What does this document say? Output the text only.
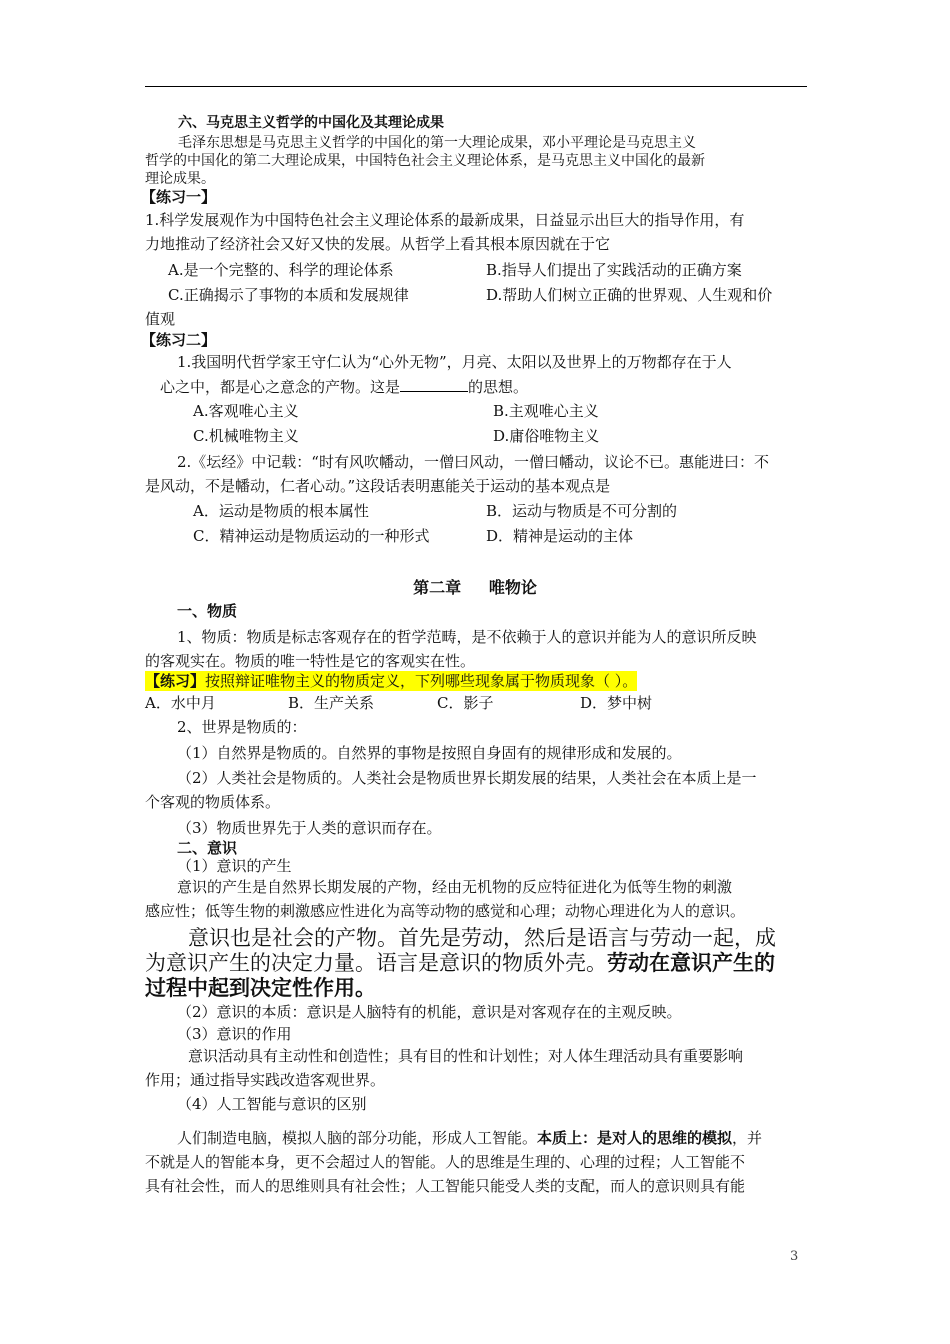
六、马克思主义哲学的中国化及其理论成果
毛泽东思想是马克思主义哲学的中国化的第一大理论成果，邓小平理论是马克思主义
哲学的中国化的第二大理论成果，中国特色社会主义理论体系，是马克思主义中国化的最新
理论成果。
【练习一】
1.科学发展观作为中国特色社会主义理论体系的最新成果，日益显示出巨大的指导作用，有
力地推动了经济社会又好又快的发展。从哲学上看其根本原因就在于它
A.是一个完整的、科学的理论体系	B.指导人们提出了实践活动的正确方案
C.正确揭示了事物的本质和发展规律	D.帮助人们树立正确的世界观、人生观和价
值观
【练习二】
1.我国明代哲学家王守仁认为“心外无物”，月亮、太阳以及世界上的万物都存在于人
心之中，都是心之意念的产物。这是	的思想。
A.客观唯心主义	B.主观唯心主义
C.机械唯物主义	D.庸俗唯物主义
2.《坛经》中记载：“时有风吹幡动，一僧曰风动，一僧曰幡动，议论不已。惠能进曰：不
是风动，不是幡动，仁者心动。”这段话表明惠能关于运动的基本观点是
A．运动是物质的根本属性	B．运动与物质是不可分割的
C．精神运动是物质运动的一种形式	D．精神是运动的主体
第二章     唯物论
一、物质
1、物质：物质是标志客观存在的哲学范畴，是不依赖于人的意识并能为人的意识所反映
的客观实在。物质的唯一特性是它的客观实在性。
【练习】按照辩证唯物主义的物质定义，下列哪些现象属于物质现象（ ）。
A．水中月	B．生产关系	C．影子	D．梦中树
2、世界是物质的：
（1）自然界是物质的。自然界的事物是按照自身固有的规律形成和发展的。
（2）人类社会是物质的。人类社会是物质世界长期发展的结果，人类社会在本质上是一
个客观的物质体系。
（3）物质世界先于人类的意识而存在。
二、意识
（1）意识的产生
意识的产生是自然界长期发展的产物，经由无机物的反应特征进化为低等生物的刺激
感应性；低等生物的刺激感应性进化为高等动物的感觉和心理；动物心理进化为人的意识。
意识也是社会的产物。首先是劳动，然后是语言与劳动一起，成
为意识产生的决定力量。语言是意识的物质外壳。劳动在意识产生的
过程中起到决定性作用。
（2）意识的本质：意识是人脑特有的机能，意识是对客观存在的主观反映。
（3）意识的作用
意识活动具有主动性和创造性；具有目的性和计划性；对人体生理活动具有重要影响
作用；通过指导实践改造客观世界。
（4）人工智能与意识的区别
人们制造电脑，模拟人脑的部分功能，形成人工智能。本质上：是对人的思维的模拟，并
不就是人的智能本身，更不会超过人的智能。人的思维是生理的、心理的过程；人工智能不
具有社会性，而人的思维则具有社会性；人工智能只能受人类的支配，而人的意识则具有能
3
